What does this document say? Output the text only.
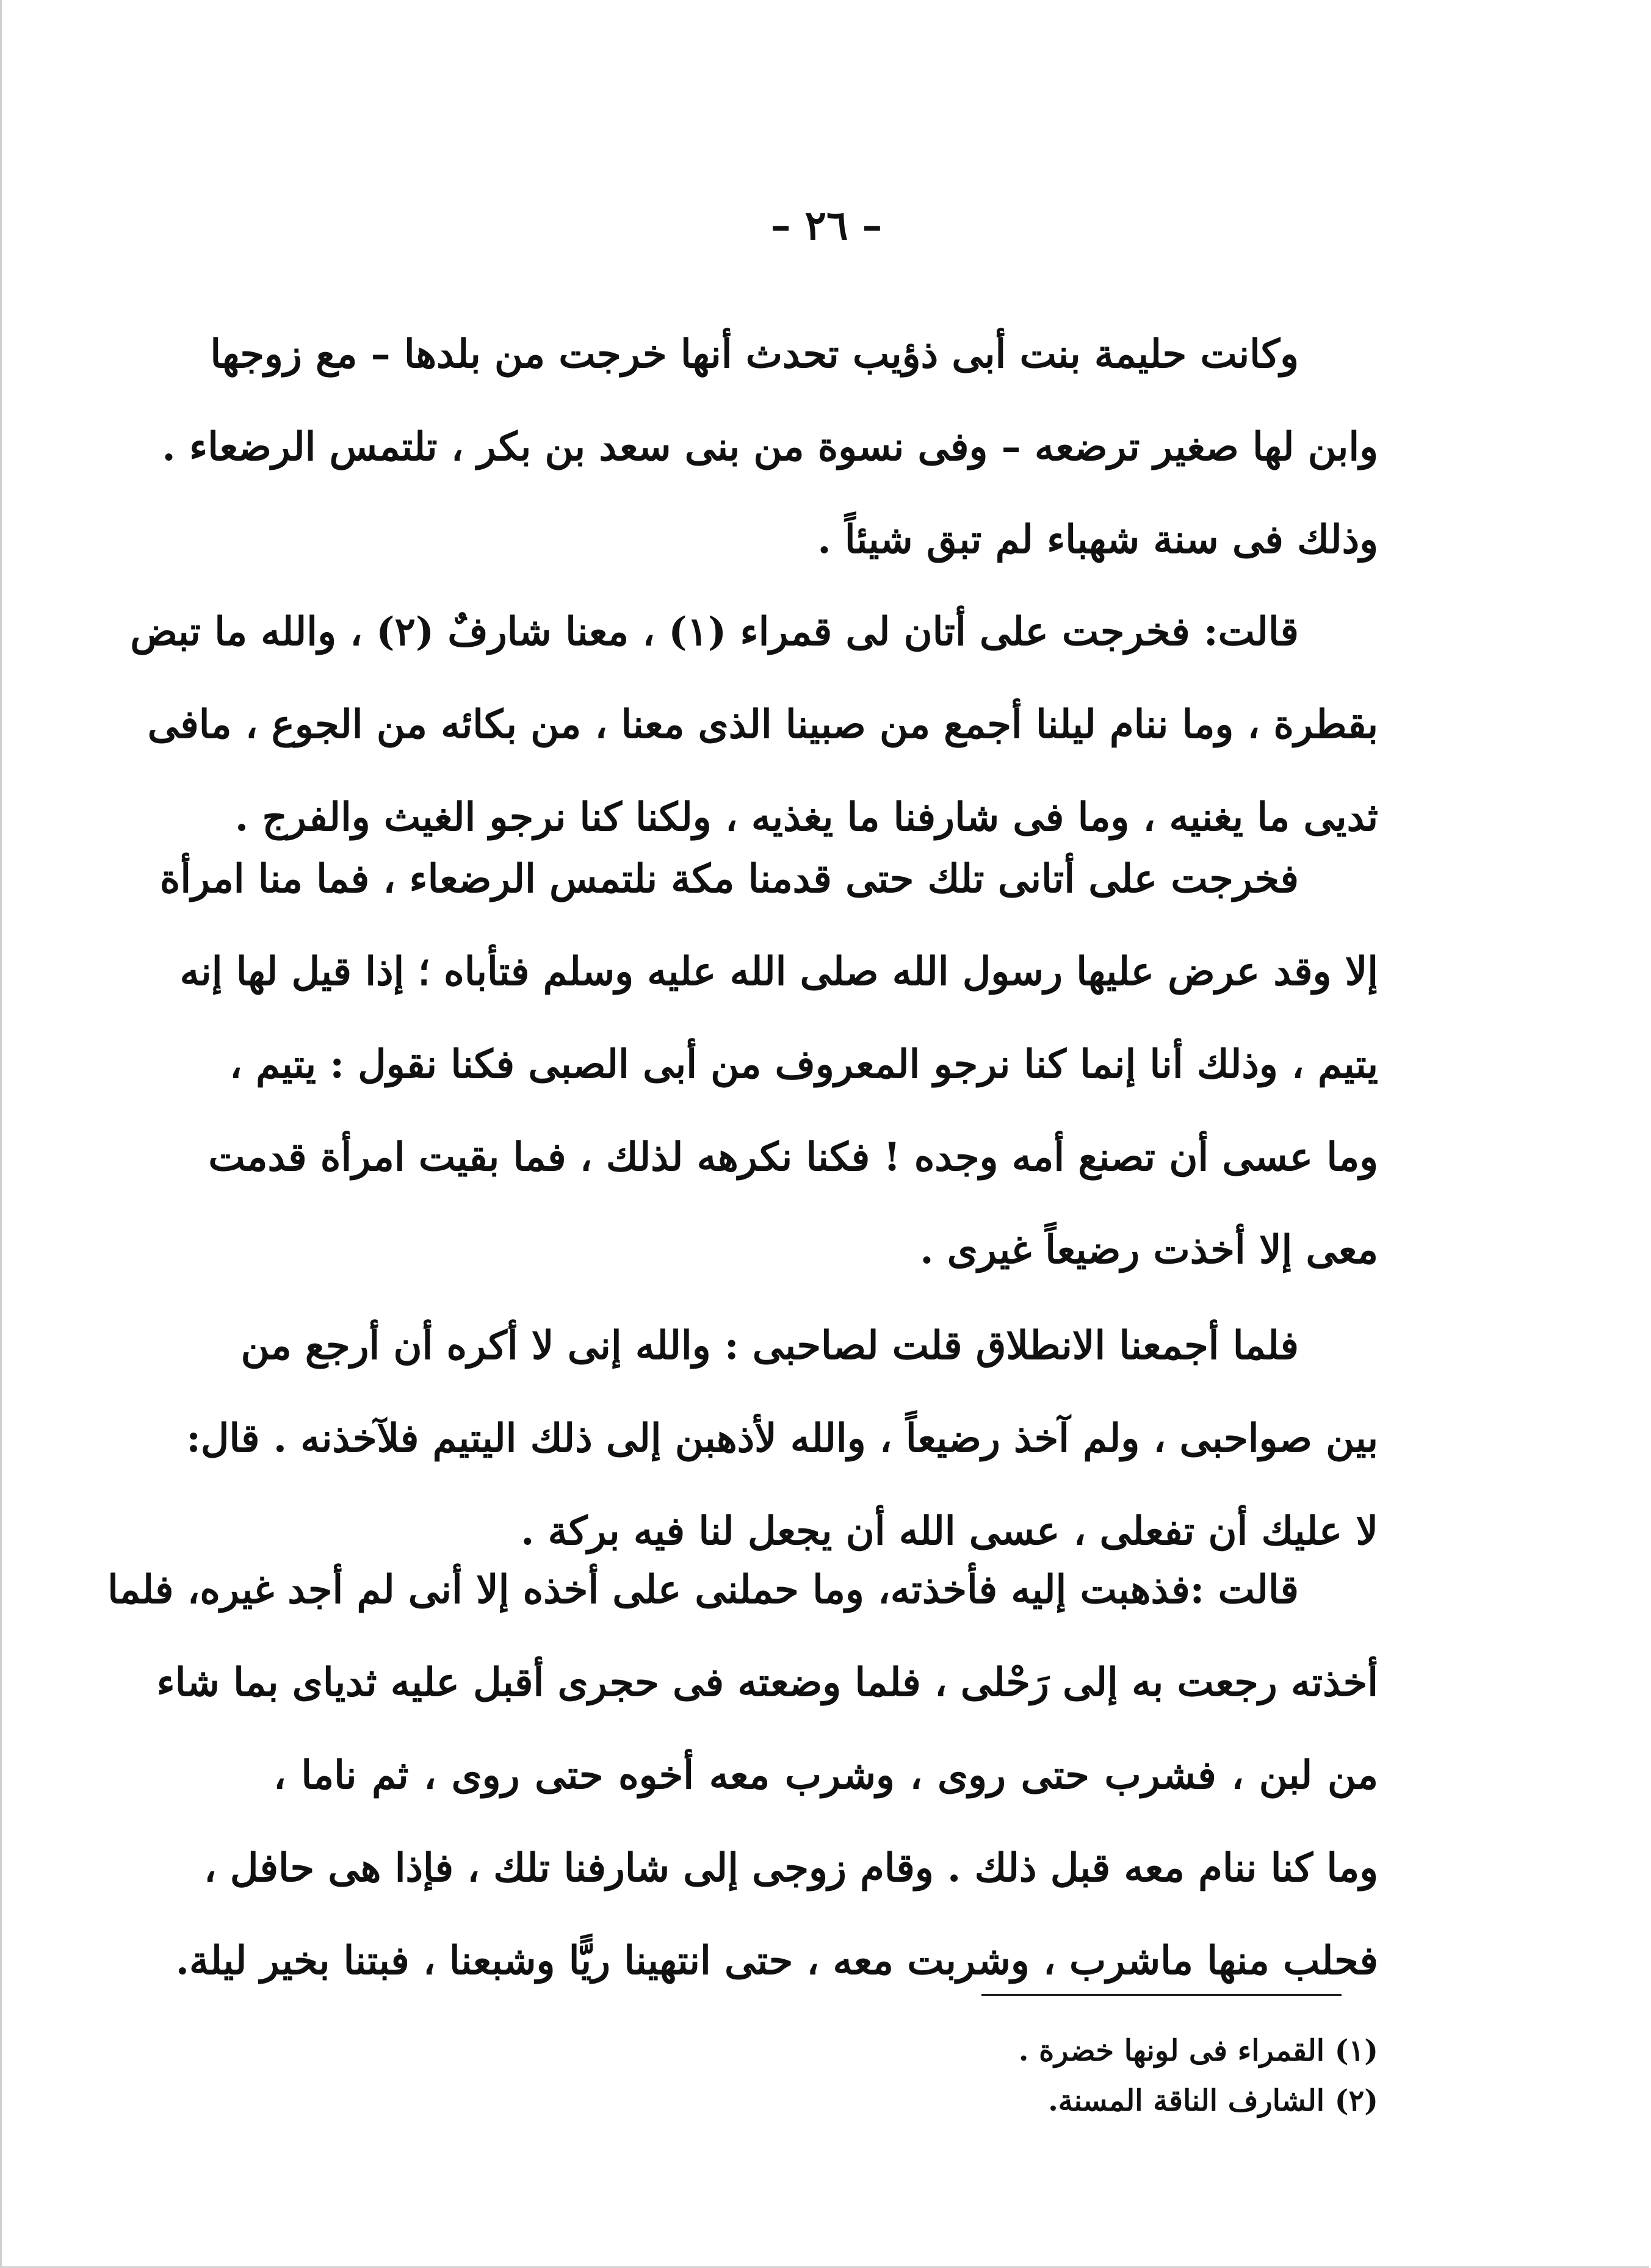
– ٢٦ –
وكانت حليمة بنت أبى ذؤيب تحدث أنها خرجت من بلدها – مع زوجها
وابن لها صغير ترضعه – وفى نسوة من بنى سعد بن بكر ، تلتمس الرضعاء .
وذلك فى سنة شهباء لم تبق شيئاً .
قالت: فخرجت على أتان لى قمراء (١) ، معنا شارفٌ (٢) ، والله ما تبض
بقطرة ، وما ننام ليلنا أجمع من صبينا الذى معنا ، من بكائه من الجوع ، مافى
ثديى ما يغنيه ، وما فى شارفنا ما يغذيه ، ولكنا كنا نرجو الغيث والفرج .
فخرجت على أتانى تلك حتى قدمنا مكة نلتمس الرضعاء ، فما منا امرأة
إلا وقد عرض عليها رسول الله صلى الله عليه وسلم فتأباه ؛ إذا قيل لها إنه
يتيم ، وذلك أنا إنما كنا نرجو المعروف من أبى الصبى فكنا نقول : يتيم ،
وما عسى أن تصنع أمه وجده ! فكنا نكرهه لذلك ، فما بقيت امرأة قدمت
معى إلا أخذت رضيعاً غيرى .
فلما أجمعنا الانطلاق قلت لصاحبى : والله إنى لا أكره أن أرجع من
بين صواحبى ، ولم آخذ رضيعاً ، والله لأذهبن إلى ذلك اليتيم فلآخذنه . قال:
لا عليك أن تفعلى ، عسى الله أن يجعل لنا فيه بركة .
قالت :فذهبت إليه فأخذته، وما حملنى على أخذه إلا أنى لم أجد غيره، فلما
أخذته رجعت به إلى رَحْلى ، فلما وضعته فى حجرى أقبل عليه ثدياى بما شاء
من لبن ، فشرب حتى روى ، وشرب معه أخوه حتى روى ، ثم ناما ،
وما كنا ننام معه قبل ذلك . وقام زوجى إلى شارفنا تلك ، فإذا هى حافل ،
فحلب منها ماشرب ، وشربت معه ، حتى انتهينا ريًّا وشبعنا ، فبتنا بخير ليلة.
(١) القمراء فى لونها خضرة .
(٢) الشارف الناقة المسنة.
